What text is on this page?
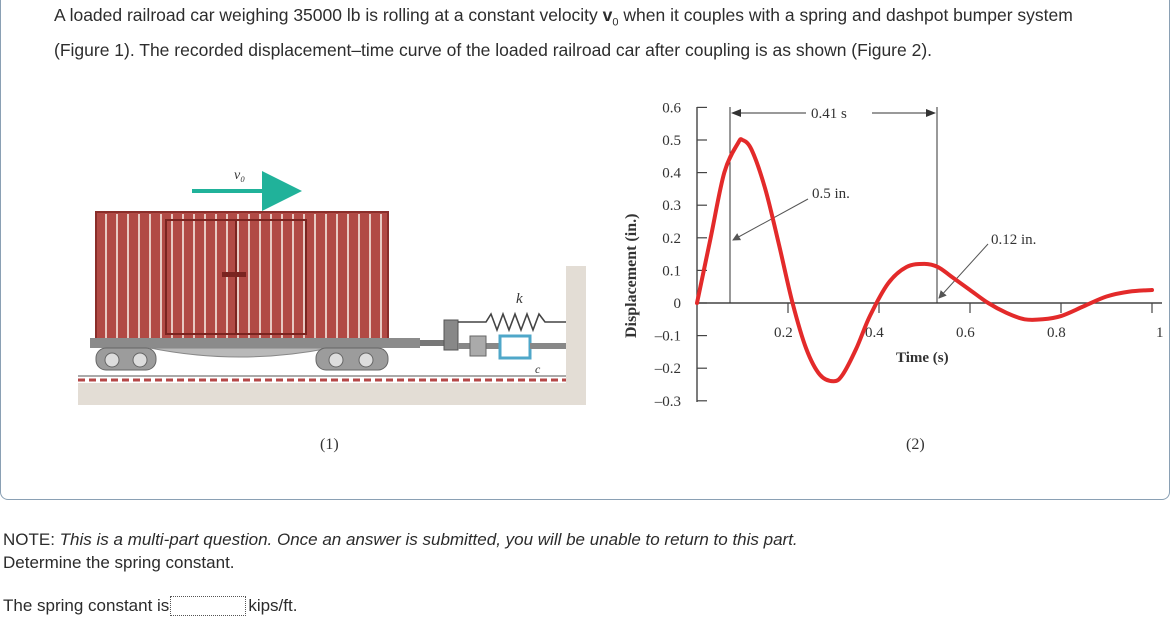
A loaded railroad car weighing 35000 lb is rolling at a constant velocity $v_0$ when it couples with a spring and dashpot bumper system (Figure 1). The recorded displacement–time curve of the loaded railroad car after coupling is as shown (Figure 2).
v₀
k
c
(1)
Displacement (in.)
0.6
0.5
0.4
0.3
0.2
0.1
0
–0.1
–0.2
–0.3
0.2	0.4	0.6	0.8	1
Time (s)
0.41 s
0.5 in.
0.12 in.
(2)
NOTE: This is a multi-part question. Once an answer is submitted, you will be unable to return to this part.
Determine the spring constant.
The spring constant is	kips/ft.
